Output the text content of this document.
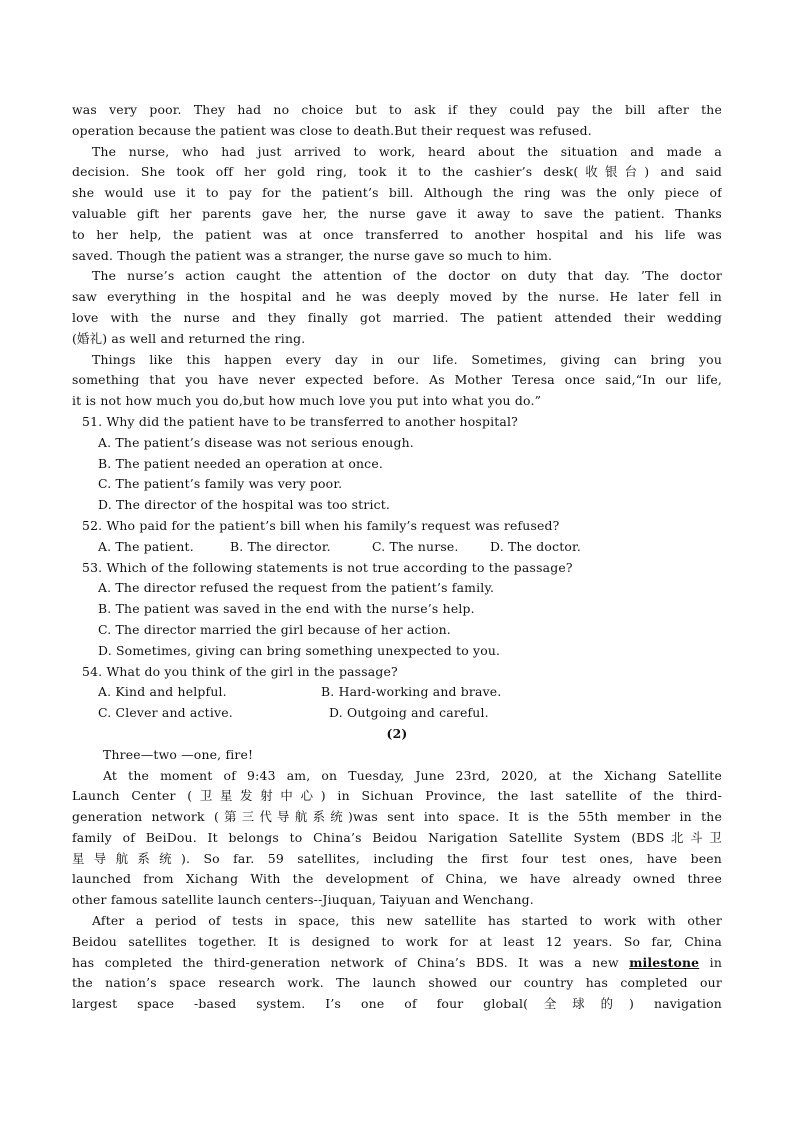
was very poor. They had no choice but to ask if they could pay the bill after the
operation because the patient was close to death.But their request was refused.
The nurse, who had just arrived to work, heard about the situation and made a
decision. She took off her gold ring, took it to the cashier’s desk(收银台) and said
she would use it to pay for the patient’s bill. Although the ring was the only piece of
valuable gift her parents gave her, the nurse gave it away to save the patient. Thanks
to her help, the patient was at once transferred to another hospital and his life was
saved. Though the patient was a stranger, the nurse gave so much to him.
The nurse’s action caught the attention of the doctor on duty that day. ’The doctor
saw everything in the hospital and he was deeply moved by the nurse. He later fell in
love with the nurse and they finally got married. The patient attended their wedding
(婚礼) as well and returned the ring.
Things like this happen every day in our life. Sometimes, giving can bring you
something that you have never expected before. As Mother Teresa once said,“In our life,
it is not how much you do,but how much love you put into what you do.”
51. Why did the patient have to be transferred to another hospital?
A. The patient’s disease was not serious enough.
B. The patient needed an operation at once.
C. The patient’s family was very poor.
D. The director of the hospital was too strict.
52. Who paid for the patient’s bill when his family’s request was refused?
A. The patient.	B. The director.	C. The nurse.	D. The doctor.
53. Which of the following statements is not true according to the passage?
A. The director refused the request from the patient’s family.
B. The patient was saved in the end with the nurse’s help.
C. The director married the girl because of her action.
D. Sometimes, giving can bring something unexpected to you.
54. What do you think of the girl in the passage?
A. Kind and helpful.	B. Hard-working and brave.
C. Clever and active.	D. Outgoing and careful.
(2)
Three—two —one, fire!
At the moment of 9:43 am, on Tuesday, June 23rd, 2020, at the Xichang Satellite
Launch Center (卫星发射中心) in Sichuan Province, the last satellite of the third-
generation network (第三代导航系统)was sent into space. It is the 55th member in the
family of BeiDou. It belongs to China’s Beidou Narigation Satellite System (BDS北斗卫
星导航系统). So far. 59 satellites, including the first four test ones, have been
launched from Xichang With the development of China, we have already owned three
other famous satellite launch centers--Jiuquan, Taiyuan and Wenchang.
After a period of tests in space, this new satellite has started to work with other
Beidou satellites together. It is designed to work for at least 12 years. So far, China
has completed the third-generation network of China’s BDS. It was a new milestone in
the nation’s space research work. The launch showed our country has completed our
largest space -based system. I’s one of four global(全球的) navigation
